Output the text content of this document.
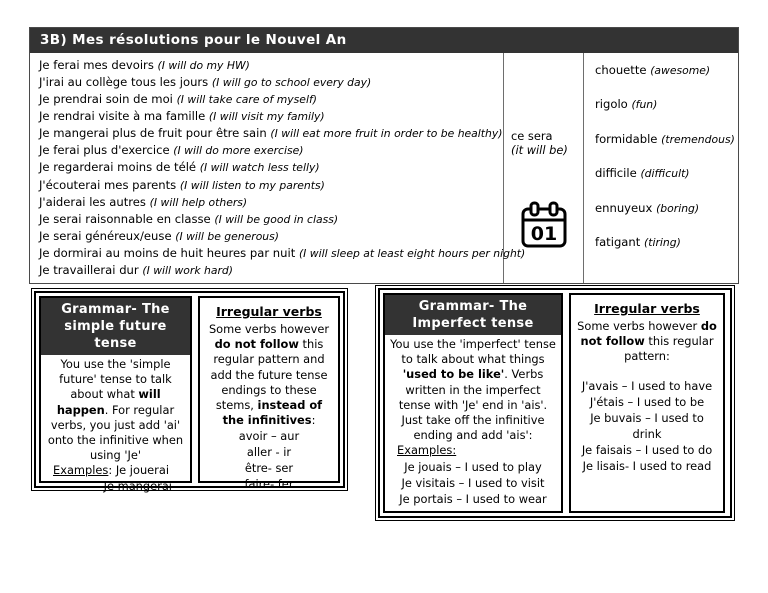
3B) Mes résolutions pour le Nouvel An
Je ferai mes devoirs (I will do my HW)
J'irai au collège tous les jours (I will go to school every day)
Je prendrai soin de moi (I will take care of myself)
Je rendrai visite à ma famille (I will visit my family)
Je mangerai plus de fruit pour être sain (I will eat more fruit in order to be healthy)
Je ferai plus d'exercice (I will do more exercise)
Je regarderai moins de télé (I will watch less telly)
J'écouterai mes parents (I will listen to my parents)
J'aiderai les autres (I will help others)
Je serai raisonnable en classe (I will be good in class)
Je serai généreux/euse (I will be generous)
Je dormirai au moins de huit heures par nuit (I will sleep at least eight hours per night)
Je travaillerai dur (I will work hard)
ce sera
(it will be)
01
chouette (awesome)
rigolo (fun)
formidable (tremendous)
difficile (difficult)
ennuyeux (boring)
fatigant (tiring)
Grammar- The simple future tense
You use the 'simple future' tense to talk about what will happen. For regular verbs, you just add 'ai' onto the infinitive when using 'Je'
Examples: Je jouerai
Je mangerai
Irregular verbs
Some verbs however do not follow this regular pattern and add the future tense endings to these stems, instead of the infinitives:
avoir – aur
aller - ir
être- ser
faire- fer
Grammar- The Imperfect tense
You use the 'imperfect' tense to talk about what things 'used to be like'. Verbs written in the imperfect tense with 'Je' end in 'ais'. Just take off the infinitive ending and add 'ais':
Examples:
Je jouais – I used to play
Je visitais – I used to visit
Je portais – I used to wear
Irregular verbs
Some verbs however do not follow this regular pattern:
J'avais – I used to have
J'étais – I used to be
Je buvais – I used to drink
Je faisais – I used to do
Je lisais- I used to read
